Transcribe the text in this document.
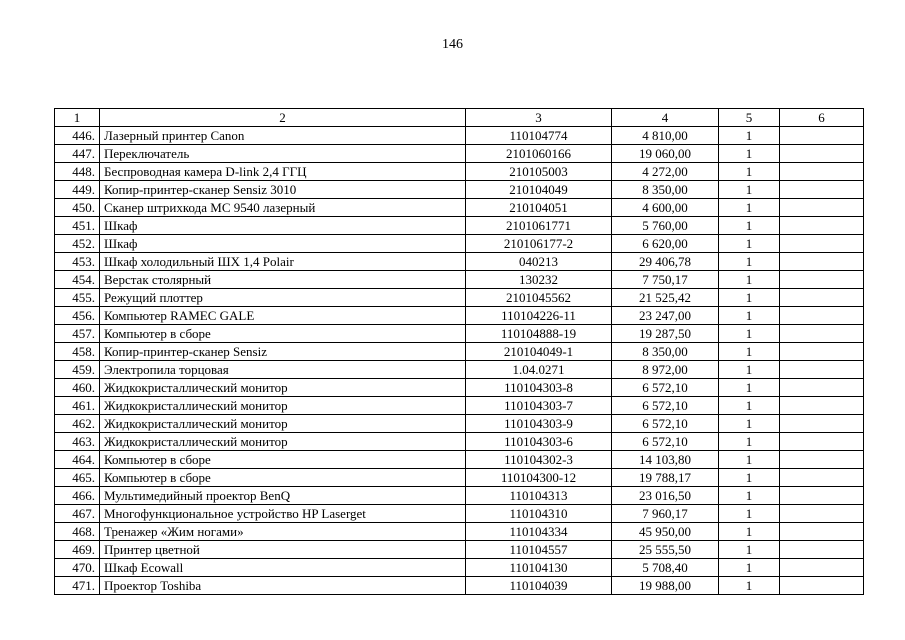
146
1	2	3	4	5	6
446.	Лазерный принтер Canon	110104774	4 810,00	1	
447.	Переключатель	2101060166	19 060,00	1	
448.	Беспроводная камера D-link 2,4 ГГЦ	210105003	4 272,00	1	
449.	Копир-принтер-сканер Sensiz 3010	210104049	8 350,00	1	
450.	Сканер штрихкода МС 9540 лазерный	210104051	4 600,00	1	
451.	Шкаф	2101061771	5 760,00	1	
452.	Шкаф	210106177-2	6 620,00	1	
453.	Шкаф холодильный ШХ 1,4 Polair	040213	29 406,78	1	
454.	Верстак столярный	130232	7 750,17	1	
455.	Режущий плоттер	2101045562	21 525,42	1	
456.	Компьютер RAMEC GALE	110104226-11	23 247,00	1	
457.	Компьютер в сборе	110104888-19	19 287,50	1	
458.	Копир-принтер-сканер Sensiz	210104049-1	8 350,00	1	
459.	Электропила торцовая	1.04.0271	8 972,00	1	
460.	Жидкокристаллический монитор	110104303-8	6 572,10	1	
461.	Жидкокристаллический монитор	110104303-7	6 572,10	1	
462.	Жидкокристаллический монитор	110104303-9	6 572,10	1	
463.	Жидкокристаллический монитор	110104303-6	6 572,10	1	
464.	Компьютер в сборе	110104302-3	14 103,80	1	
465.	Компьютер в сборе	110104300-12	19 788,17	1	
466.	Мультимедийный проектор BenQ	110104313	23 016,50	1	
467.	Многофункциональное устройство HP Laserget	110104310	7 960,17	1	
468.	Тренажер «Жим ногами»	110104334	45 950,00	1	
469.	Принтер цветной	110104557	25 555,50	1	
470.	Шкаф Ecowall	110104130	5 708,40	1	
471.	Проектор Toshiba	110104039	19 988,00	1	
